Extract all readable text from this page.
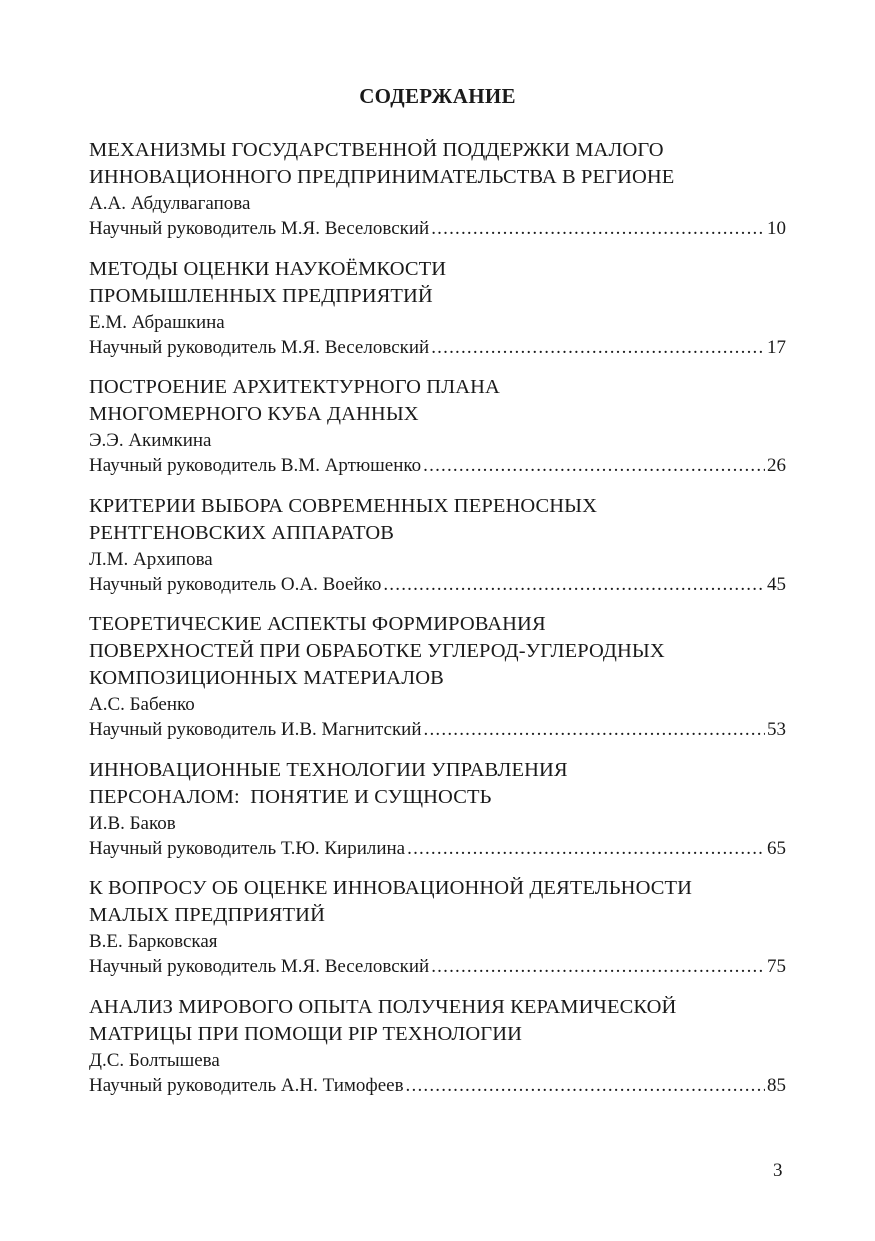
СОДЕРЖАНИЕ
МЕХАНИЗМЫ ГОСУДАРСТВЕННОЙ ПОДДЕРЖКИ МАЛОГО
ИННОВАЦИОННОГО ПРЕДПРИНИМАТЕЛЬСТВА В РЕГИОНЕ
А.А. Абдулвагапова
Научный руководитель М.Я. Веселовский .....	10
МЕТОДЫ ОЦЕНКИ НАУКОЁМКОСТИ
ПРОМЫШЛЕННЫХ ПРЕДПРИЯТИЙ
Е.М. Абрашкина
Научный руководитель М.Я. Веселовский .....	17
ПОСТРОЕНИЕ АРХИТЕКТУРНОГО ПЛАНА
МНОГОМЕРНОГО КУБА ДАННЫХ
Э.Э. Акимкина
Научный руководитель В.М. Артюшенко .....	26
КРИТЕРИИ ВЫБОРА СОВРЕМЕННЫХ ПЕРЕНОСНЫХ
РЕНТГЕНОВСКИХ АППАРАТОВ
Л.М. Архипова
Научный руководитель О.А. Воейко .....	45
ТЕОРЕТИЧЕСКИЕ АСПЕКТЫ ФОРМИРОВАНИЯ
ПОВЕРХНОСТЕЙ ПРИ ОБРАБОТКЕ УГЛЕРОД-УГЛЕРОДНЫХ
КОМПОЗИЦИОННЫХ МАТЕРИАЛОВ
А.С. Бабенко
Научный руководитель И.В. Магнитский .....	53
ИННОВАЦИОННЫЕ ТЕХНОЛОГИИ УПРАВЛЕНИЯ
ПЕРСОНАЛОМ:  ПОНЯТИЕ И СУЩНОСТЬ
И.В. Баков
Научный руководитель Т.Ю. Кирилина .....	65
К ВОПРОСУ ОБ ОЦЕНКЕ ИННОВАЦИОННОЙ ДЕЯТЕЛЬНОСТИ
МАЛЫХ ПРЕДПРИЯТИЙ
В.Е. Барковская
Научный руководитель М.Я. Веселовский .....	75
АНАЛИЗ МИРОВОГО ОПЫТА ПОЛУЧЕНИЯ КЕРАМИЧЕСКОЙ
МАТРИЦЫ ПРИ ПОМОЩИ PIP ТЕХНОЛОГИИ
Д.С. Болтышева
Научный руководитель А.Н. Тимофеев .....	85
3
